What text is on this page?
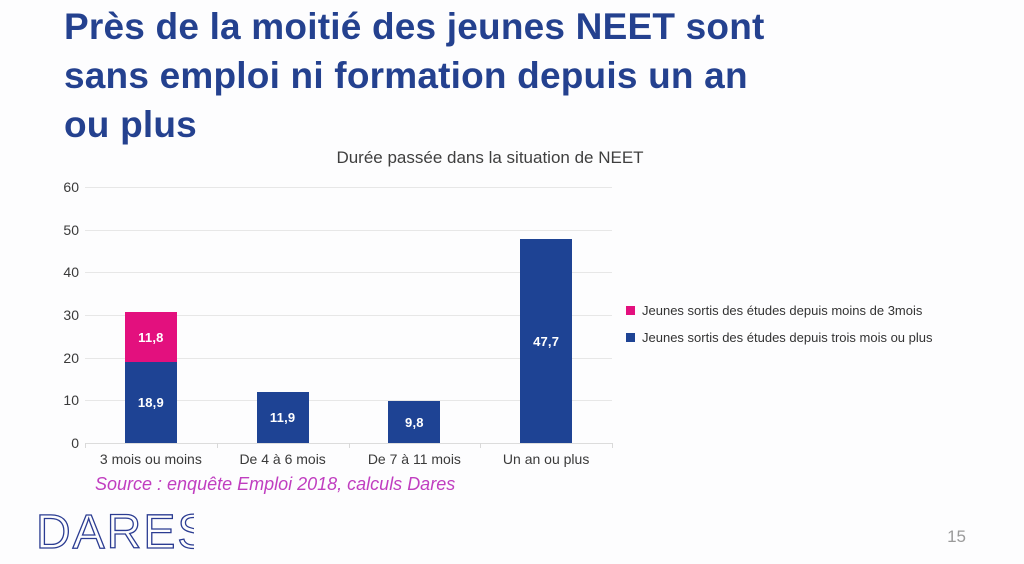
Près de la moitié des jeunes NEET sont
sans emploi ni formation depuis un an
ou plus
Durée passée dans la situation de NEET
0
10
20
30
40
50
60
18,9
11,8
3 mois ou moins
11,9
De 4 à 6 mois
9,8
De 7 à 11 mois
47,7
Un an ou plus
Jeunes sortis des études depuis moins de 3mois
Jeunes sortis des études depuis trois mois ou plus
Source : enquête Emploi 2018, calculs Dares
DARES	15
